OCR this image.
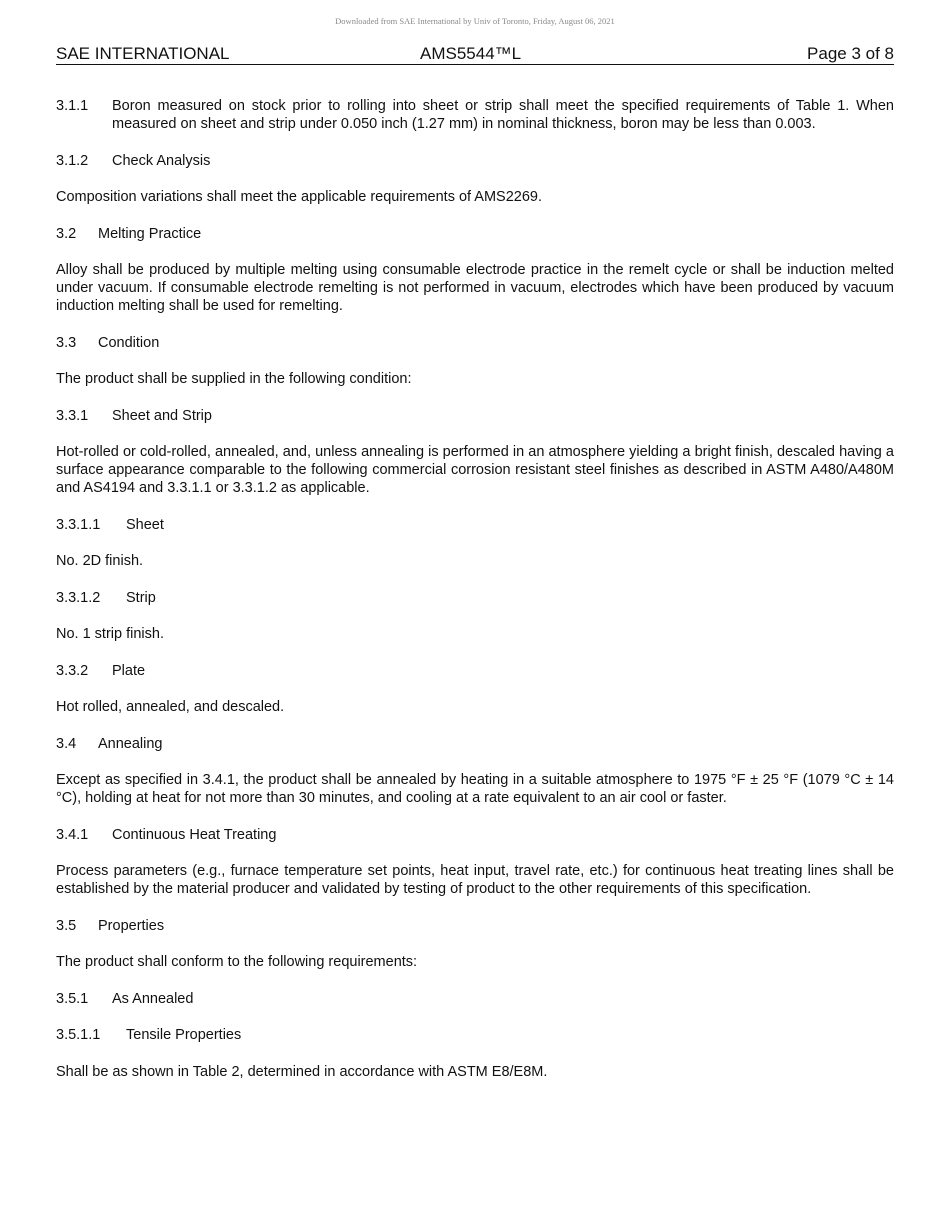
Downloaded from SAE International by Univ of Toronto, Friday, August 06, 2021
SAE INTERNATIONAL	AMS5544™L	Page 3 of 8
3.1.1	Boron measured on stock prior to rolling into sheet or strip shall meet the specified requirements of Table 1. When measured on sheet and strip under 0.050 inch (1.27 mm) in nominal thickness, boron may be less than 0.003.
3.1.2 Check Analysis
Composition variations shall meet the applicable requirements of AMS2269.
3.2 Melting Practice
Alloy shall be produced by multiple melting using consumable electrode practice in the remelt cycle or shall be induction melted under vacuum. If consumable electrode remelting is not performed in vacuum, electrodes which have been produced by vacuum induction melting shall be used for remelting.
3.3 Condition
The product shall be supplied in the following condition:
3.3.1 Sheet and Strip
Hot-rolled or cold-rolled, annealed, and, unless annealing is performed in an atmosphere yielding a bright finish, descaled having a surface appearance comparable to the following commercial corrosion resistant steel finishes as described in ASTM A480/A480M and AS4194 and 3.3.1.1 or 3.3.1.2 as applicable.
3.3.1.1 Sheet
No. 2D finish.
3.3.1.2 Strip
No. 1 strip finish.
3.3.2 Plate
Hot rolled, annealed, and descaled.
3.4 Annealing
Except as specified in 3.4.1, the product shall be annealed by heating in a suitable atmosphere to 1975 °F ± 25 °F (1079 °C ± 14 °C), holding at heat for not more than 30 minutes, and cooling at a rate equivalent to an air cool or faster.
3.4.1 Continuous Heat Treating
Process parameters (e.g., furnace temperature set points, heat input, travel rate, etc.) for continuous heat treating lines shall be established by the material producer and validated by testing of product to the other requirements of this specification.
3.5 Properties
The product shall conform to the following requirements:
3.5.1 As Annealed
3.5.1.1 Tensile Properties
Shall be as shown in Table 2, determined in accordance with ASTM E8/E8M.
